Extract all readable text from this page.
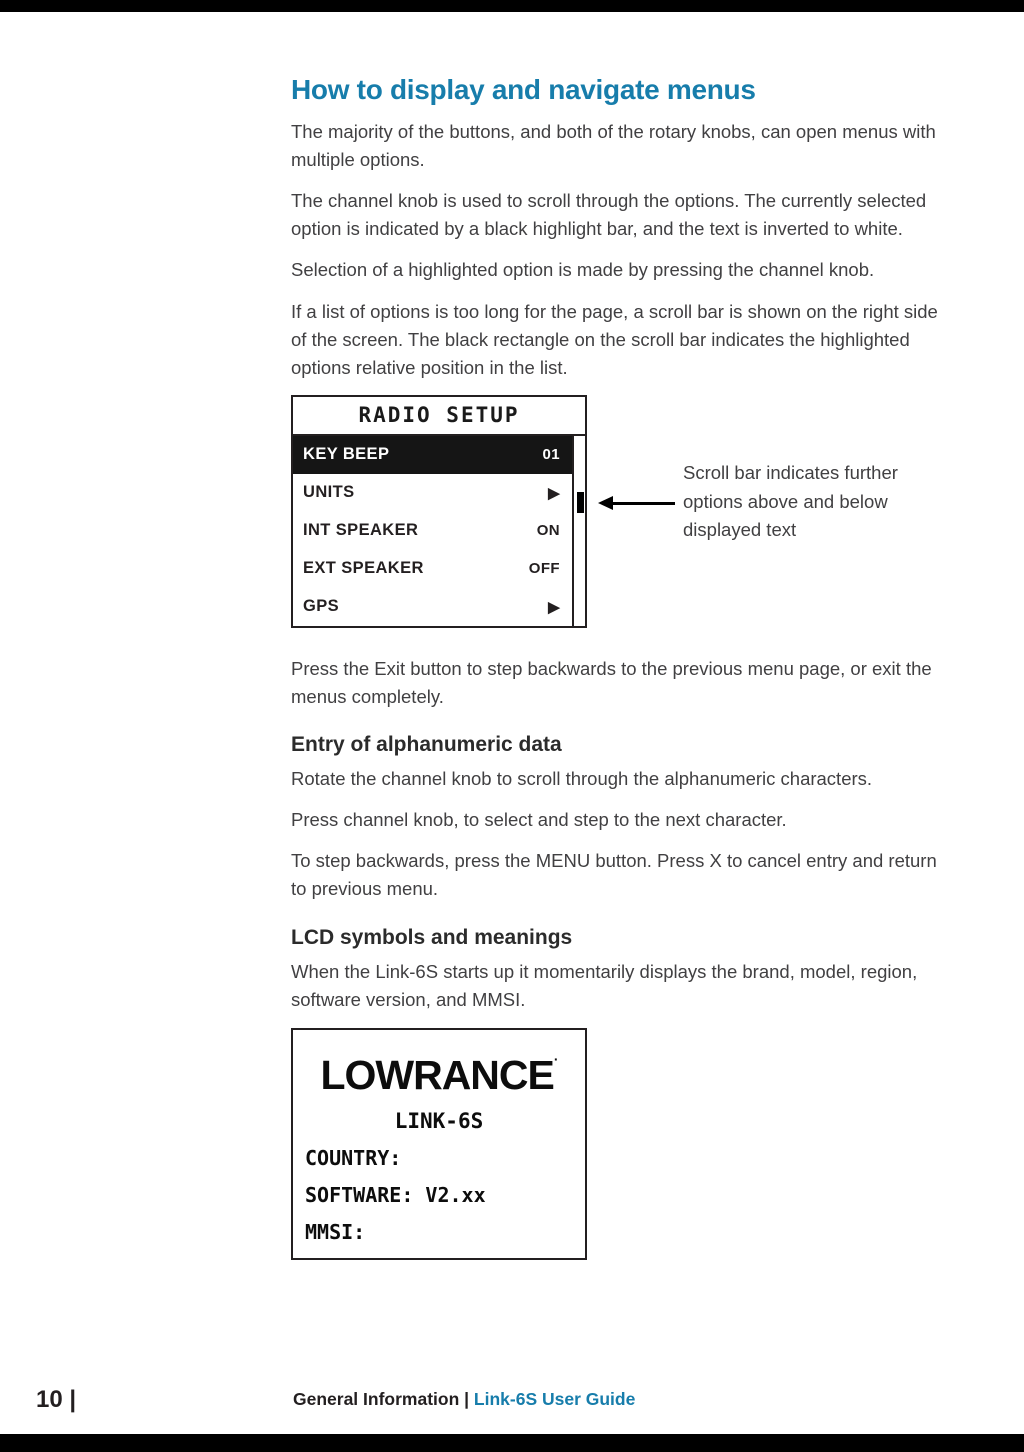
How to display and navigate menus

The majority of the buttons, and both of the rotary knobs, can open menus with multiple options.

The channel knob is used to scroll through the options. The currently selected option is indicated by a black highlight bar, and the text is inverted to white.

Selection of a highlighted option is made by pressing the channel knob.

If a list of options is too long for the page, a scroll bar is shown on the right side of the screen. The black rectangle on the scroll bar indicates the highlighted options relative position in the list.

RADIO SETUP
KEY BEEP	01
UNITS	▶
INT SPEAKER	ON
EXT SPEAKER	OFF
GPS	▶
Scroll bar indicates further options above and below displayed text

Press the Exit button to step backwards to the previous menu page, or exit the menus completely.

Entry of alphanumeric data

Rotate the channel knob to scroll through the alphanumeric characters.

Press channel knob, to select and step to the next character.

To step backwards, press the MENU button. Press X to cancel entry and return to previous menu.

LCD symbols and meanings

When the Link-6S starts up it momentarily displays the brand, model, region, software version, and MMSI.

LOWRANCE·
LINK-6S
COUNTRY:
SOFTWARE: V2.xx
MMSI:
10 |	General Information | Link-6S User Guide
